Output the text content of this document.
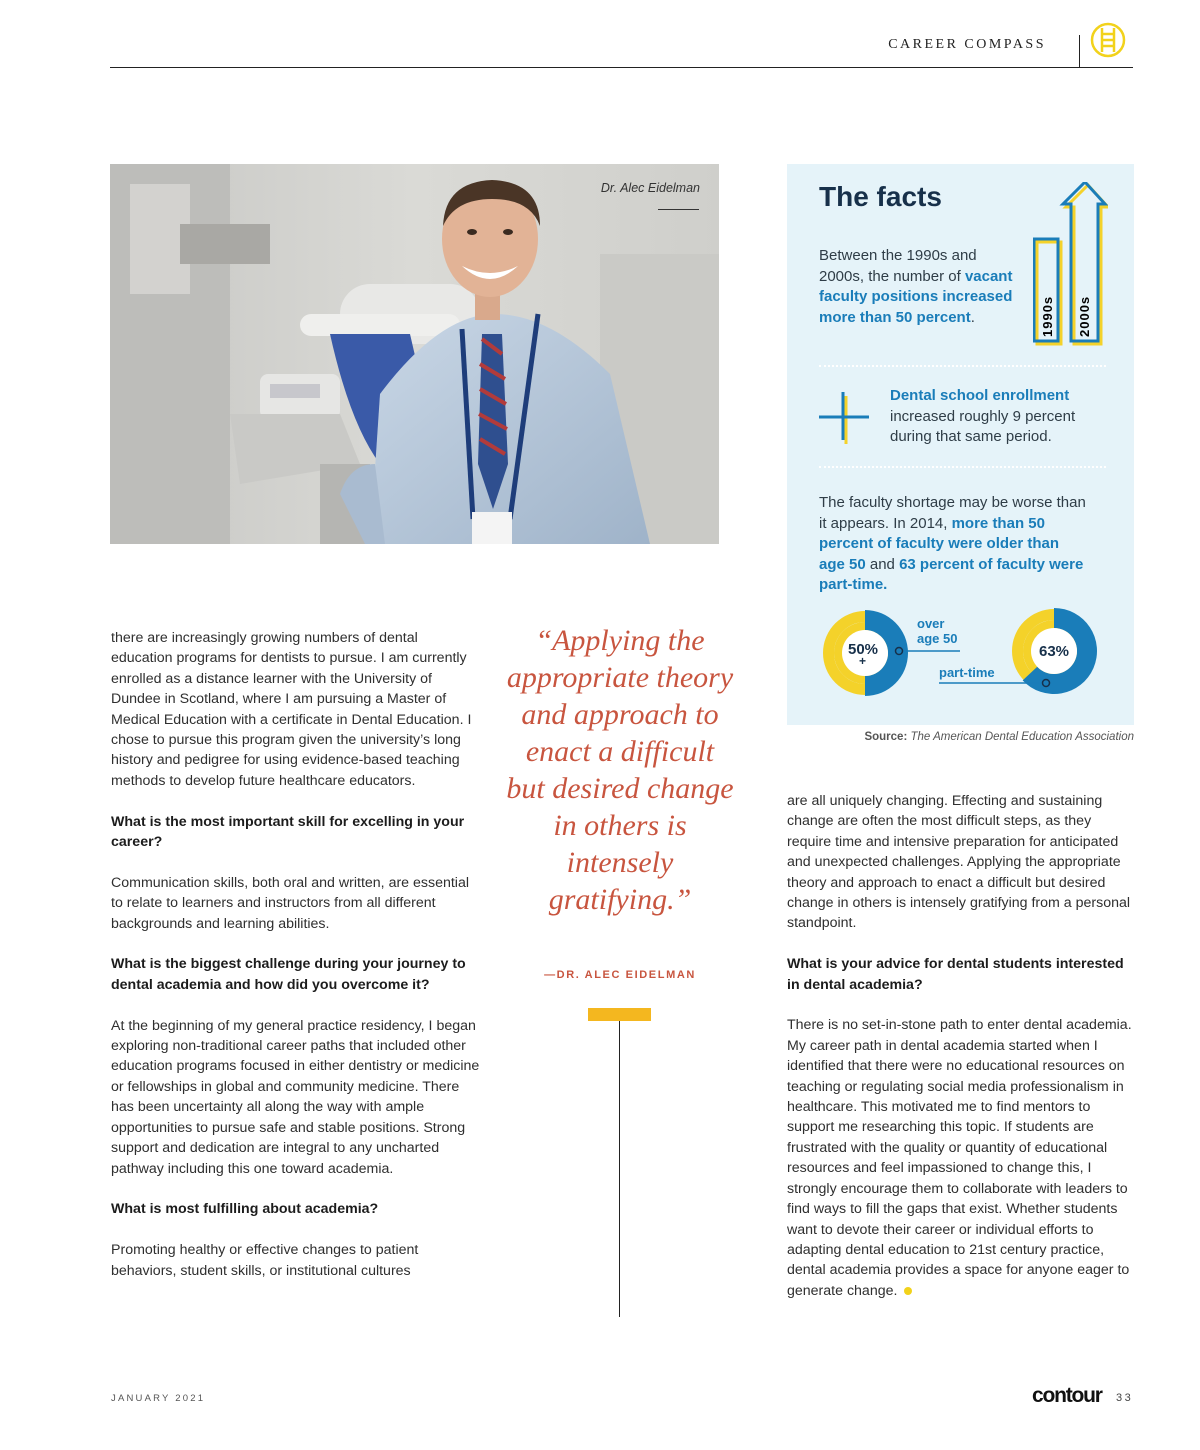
CAREER COMPASS
Dr. Alec Eidelman

there are increasingly growing numbers of dental education programs for dentists to pursue. I am currently enrolled as a distance learner with the University of Dundee in Scotland, where I am pursuing a Master of Medical Education with a certificate in Dental Education. I chose to pursue this program given the university’s long history and pedigree for using evidence-based teaching methods to develop future healthcare educators.

What is the most important skill for excelling in your career?

Communication skills, both oral and written, are essential to relate to learners and instructors from all different backgrounds and learning abilities.

What is the biggest challenge during your journey to dental academia and how did you overcome it?

At the beginning of my general practice residency, I began exploring non-traditional career paths that included other education programs focused in either dentistry or medicine or fellowships in global and community medicine. There has been uncertainty all along the way with ample opportunities to pursue safe and stable positions. Strong support and dedication are integral to any uncharted pathway including this one toward academia.

What is most fulfilling about academia?

Promoting healthy or effective changes to patient behaviors, student skills, or institutional cultures

“Applying the appropriate theory and approach to enact a difficult but desired change in others is intensely gratifying.”
—DR. ALEC EIDELMAN
The facts
Between the 1990s and 2000s, the number of vacant faculty positions increased more than 50 percent.	1990s 2000s
Dental school enrollment increased roughly 9 percent during that same period.
The faculty shortage may be worse than it appears. In 2014, more than 50 percent of faculty were older than age 50 and 63 percent of faculty were part-time.
50%
+
63%
over
age 50
part-time
Source: The American Dental Education Association

are all uniquely changing. Effecting and sustaining change are often the most difficult steps, as they require time and intensive preparation for anticipated and unexpected challenges. Applying the appropriate theory and approach to enact a difficult but desired change in others is intensely gratifying from a personal standpoint.

What is your advice for dental students interested in dental academia?

There is no set-in-stone path to enter dental academia. My career path in dental academia started when I identified that there were no educational resources on teaching or regulating social media professionalism in healthcare. This motivated me to find mentors to support me researching this topic. If students are frustrated with the quality or quantity of educational resources and feel impassioned to change this, I strongly encourage them to collaborate with leaders to find ways to fill the gaps that exist. Whether students want to devote their career or individual efforts to adapting dental education to 21st century practice, dental academia provides a space for anyone eager to generate change.

JANUARY 2021	contour 33
